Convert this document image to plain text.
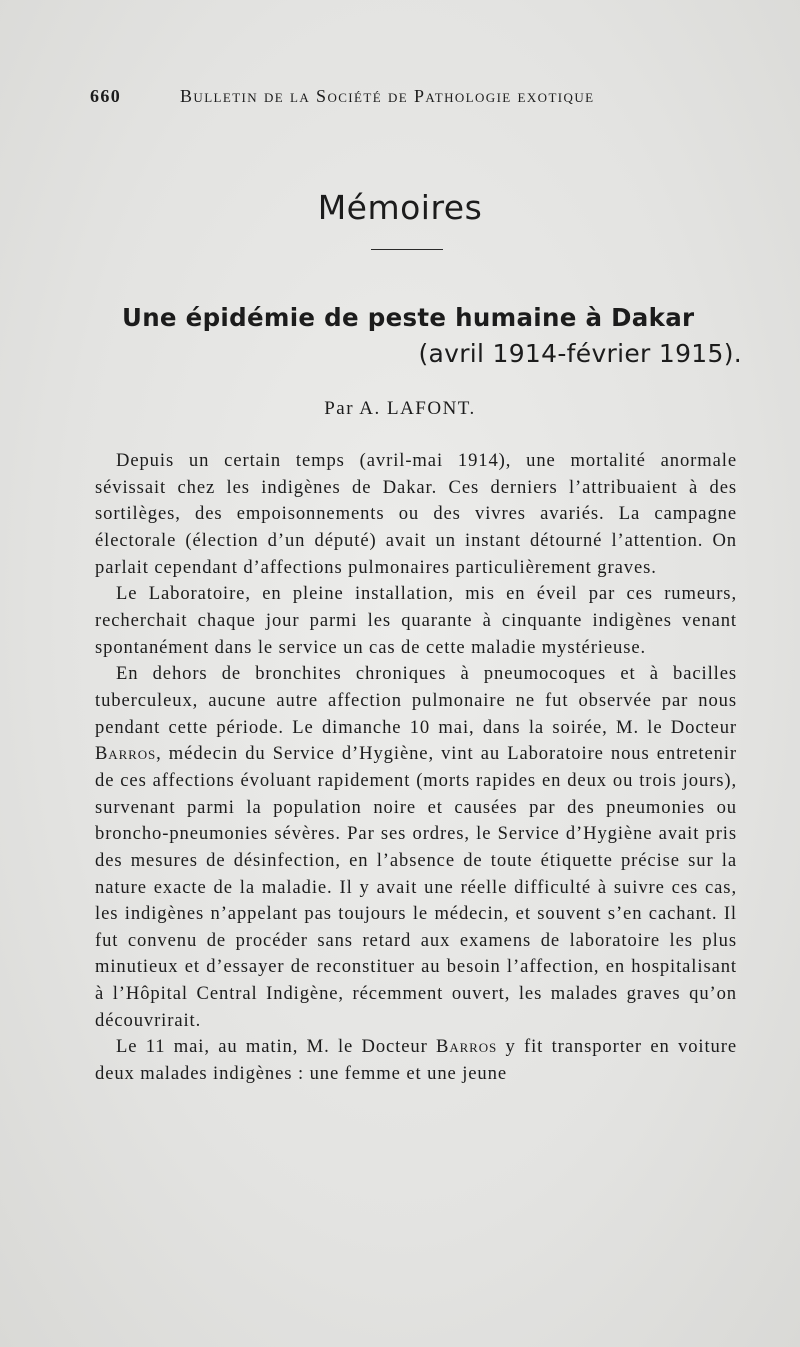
660	Bulletin de la Société de Pathologie exotique
Mémoires
Une épidémie de peste humaine à Dakar
(avril 1914-février 1915).
Par A. LAFONT.

Depuis un certain temps (avril-mai 1914), une mortalité anormale sévissait chez les indigènes de Dakar. Ces derniers l’attribuaient à des sortilèges, des empoisonnements ou des vivres avariés. La campagne électorale (élection d’un député) avait un instant détourné l’attention. On parlait cependant d’affections pulmonaires particulièrement graves.

Le Laboratoire, en pleine installation, mis en éveil par ces rumeurs, recherchait chaque jour parmi les quarante à cinquante indigènes venant spontanément dans le service un cas de cette maladie mystérieuse.

En dehors de bronchites chroniques à pneumocoques et à bacilles tuberculeux, aucune autre affection pulmonaire ne fut observée par nous pendant cette période. Le dimanche 10 mai, dans la soirée, M. le Docteur Barros, médecin du Service d’Hygiène, vint au Laboratoire nous entretenir de ces affections évoluant rapidement (morts rapides en deux ou trois jours), survenant parmi la population noire et causées par des pneumonies ou broncho-pneumonies sévères. Par ses ordres, le Service d’Hygiène avait pris des mesures de désinfection, en l’absence de toute étiquette précise sur la nature exacte de la maladie. Il y avait une réelle difficulté à suivre ces cas, les indigènes n’appelant pas toujours le médecin, et souvent s’en cachant. Il fut convenu de procéder sans retard aux examens de laboratoire les plus minutieux et d’essayer de reconstituer au besoin l’affection, en hospitalisant à l’Hôpital Central Indigène, récemment ouvert, les malades graves qu’on découvrirait.

Le 11 mai, au matin, M. le Docteur Barros y fit transporter en voiture deux malades indigènes : une femme et une jeune
